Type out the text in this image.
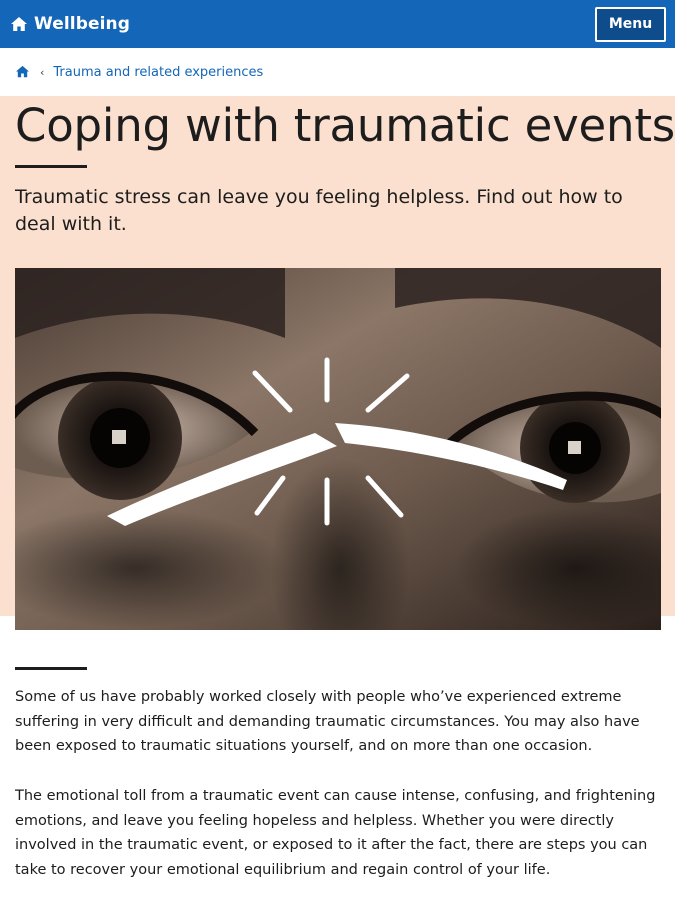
Wellbeing	Menu
‹ Trauma and related experiences
Coping with traumatic events

Traumatic stress can leave you feeling helpless. Find out how to deal with it.

Some of us have probably worked closely with people who’ve experienced extreme suffering in very difficult and demanding traumatic circumstances. You may also have been exposed to traumatic situations yourself, and on more than one occasion.

The emotional toll from a traumatic event can cause intense, confusing, and frightening emotions, and leave you feeling hopeless and helpless. Whether you were directly involved in the traumatic event, or exposed to it after the fact, there are steps you can take to recover your emotional equilibrium and regain control of your life.
